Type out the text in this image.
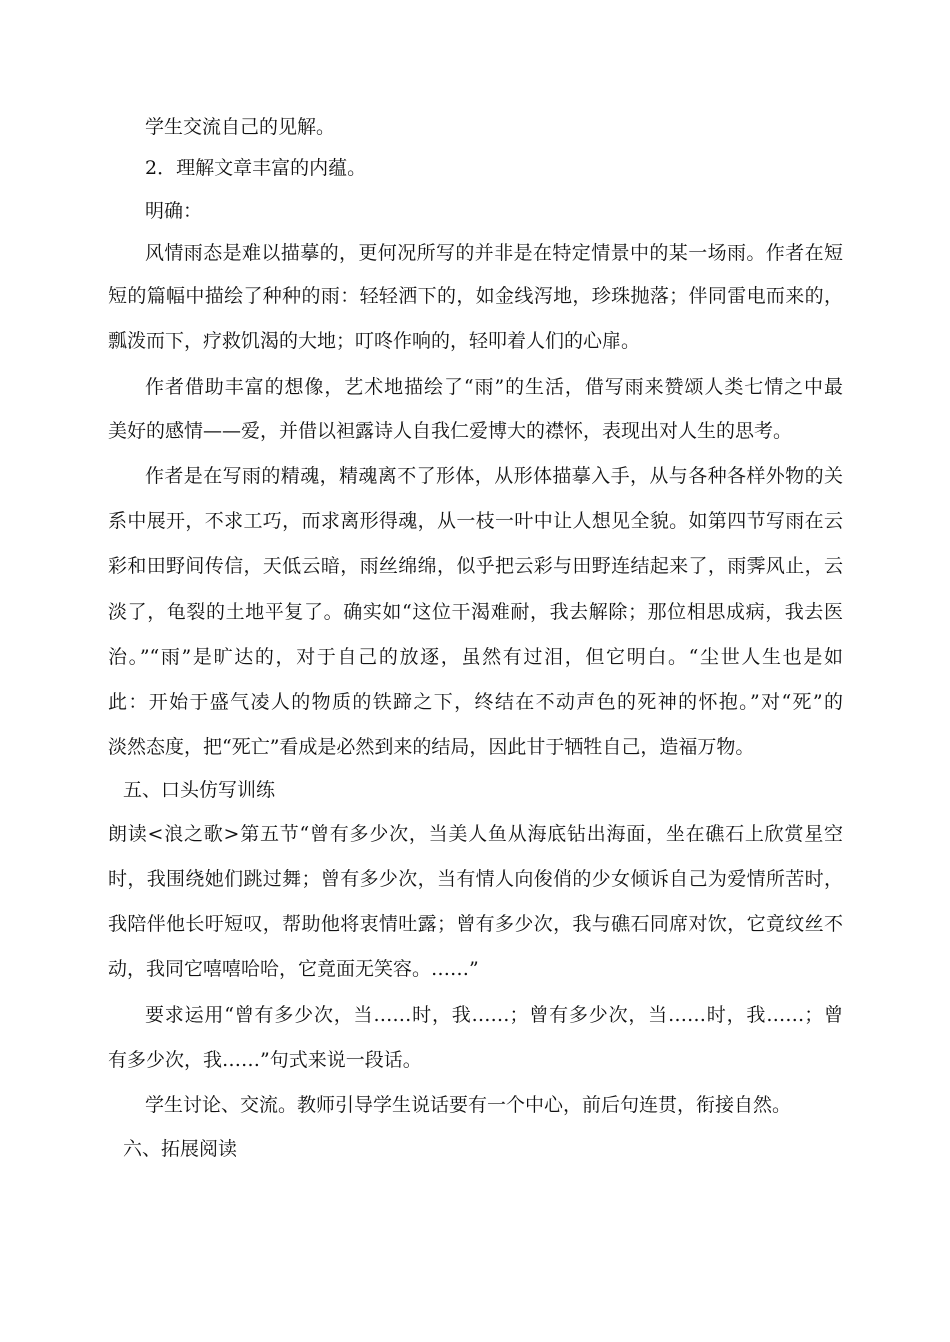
学生交流自己的见解。
2．理解文章丰富的内蕴。
明确：
风情雨态是难以描摹的，更何况所写的并非是在特定情景中的某一场雨。作者在短
短的篇幅中描绘了种种的雨：轻轻洒下的，如金线泻地，珍珠抛落；伴同雷电而来的，
瓢泼而下，疗救饥渴的大地；叮咚作响的，轻叩着人们的心扉。
作者借助丰富的想像，艺术地描绘了“雨”的生活，借写雨来赞颂人类七情之中最
美好的感情——爱，并借以袒露诗人自我仁爱博大的襟怀，表现出对人生的思考。
作者是在写雨的精魂，精魂离不了形体，从形体描摹入手，从与各种各样外物的关
系中展开，不求工巧，而求离形得魂，从一枝一叶中让人想见全貌。如第四节写雨在云
彩和田野间传信，天低云暗，雨丝绵绵，似乎把云彩与田野连结起来了，雨霁风止，云
淡了，龟裂的土地平复了。确实如“这位干渴难耐，我去解除；那位相思成病，我去医
治。”“雨”是旷达的，对于自己的放逐，虽然有过泪，但它明白。“尘世人生也是如
此：开始于盛气凌人的物质的铁蹄之下，终结在不动声色的死神的怀抱。”对“死”的
淡然态度，把“死亡”看成是必然到来的结局，因此甘于牺牲自己，造福万物。
五、口头仿写训练
朗读<浪之歌>第五节“曾有多少次，当美人鱼从海底钻出海面，坐在礁石上欣赏星空
时，我围绕她们跳过舞；曾有多少次，当有情人向俊俏的少女倾诉自己为爱情所苦时，
我陪伴他长吁短叹，帮助他将衷情吐露；曾有多少次，我与礁石同席对饮，它竟纹丝不
动，我同它嘻嘻哈哈，它竟面无笑容。……”
要求运用“曾有多少次，当……时，我……；曾有多少次，当……时，我……；曾
有多少次，我……”句式来说一段话。
学生讨论、交流。教师引导学生说话要有一个中心，前后句连贯，衔接自然。
六、拓展阅读
